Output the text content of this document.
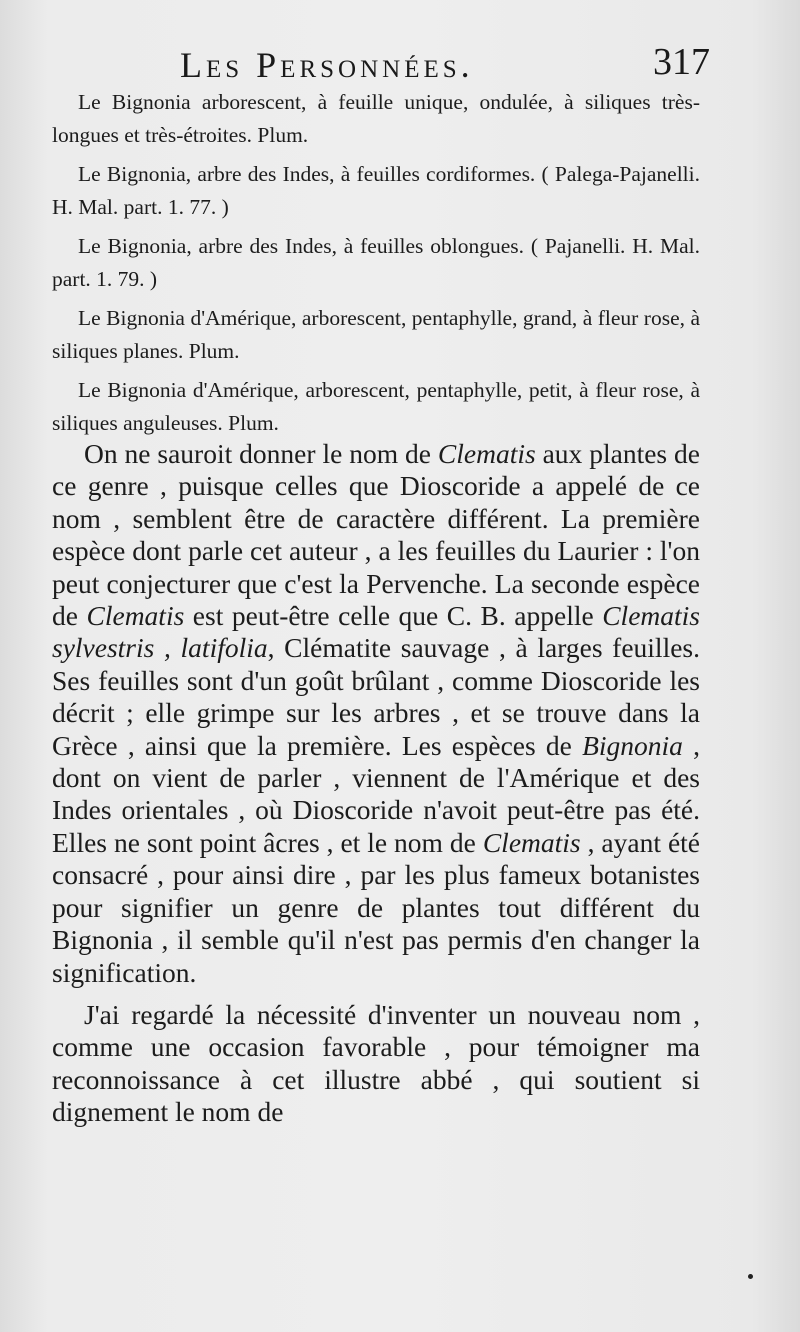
Les Personnées.	317

Le Bignonia arborescent, à feuille unique, ondulée, à siliques très-longues et très-étroites. Plum.

Le Bignonia, arbre des Indes, à feuilles cordiformes. ( Palega-Pajanelli. H. Mal. part. 1. 77. )

Le Bignonia, arbre des Indes, à feuilles oblongues. ( Pajanelli. H. Mal. part. 1. 79. )

Le Bignonia d'Amérique, arborescent, pentaphylle, grand, à fleur rose, à siliques planes. Plum.

Le Bignonia d'Amérique, arborescent, pentaphylle, petit, à fleur rose, à siliques anguleuses. Plum.

On ne sauroit donner le nom de Clematis aux plantes de ce genre , puisque celles que Dioscoride a appelé de ce nom , semblent être de caractère différent. La première espèce dont parle cet auteur , a les feuilles du Laurier : l'on peut conjecturer que c'est la Pervenche. La seconde espèce de Clematis est peut-être celle que C. B. appelle Clematis sylvestris , latifolia, Clématite sauvage , à larges feuilles. Ses feuilles sont d'un goût brûlant , comme Dioscoride les décrit ; elle grimpe sur les arbres , et se trouve dans la Grèce , ainsi que la première. Les espèces de Bignonia , dont on vient de parler , viennent de l'Amérique et des Indes orientales , où Dioscoride n'avoit peut-être pas été. Elles ne sont point âcres , et le nom de Clematis , ayant été consacré , pour ainsi dire , par les plus fameux botanistes pour signifier un genre de plantes tout différent du Bignonia , il semble qu'il n'est pas permis d'en changer la signification.

J'ai regardé la nécessité d'inventer un nouveau nom , comme une occasion favorable , pour témoigner ma reconnoissance à cet illustre abbé , qui soutient si dignement le nom de
